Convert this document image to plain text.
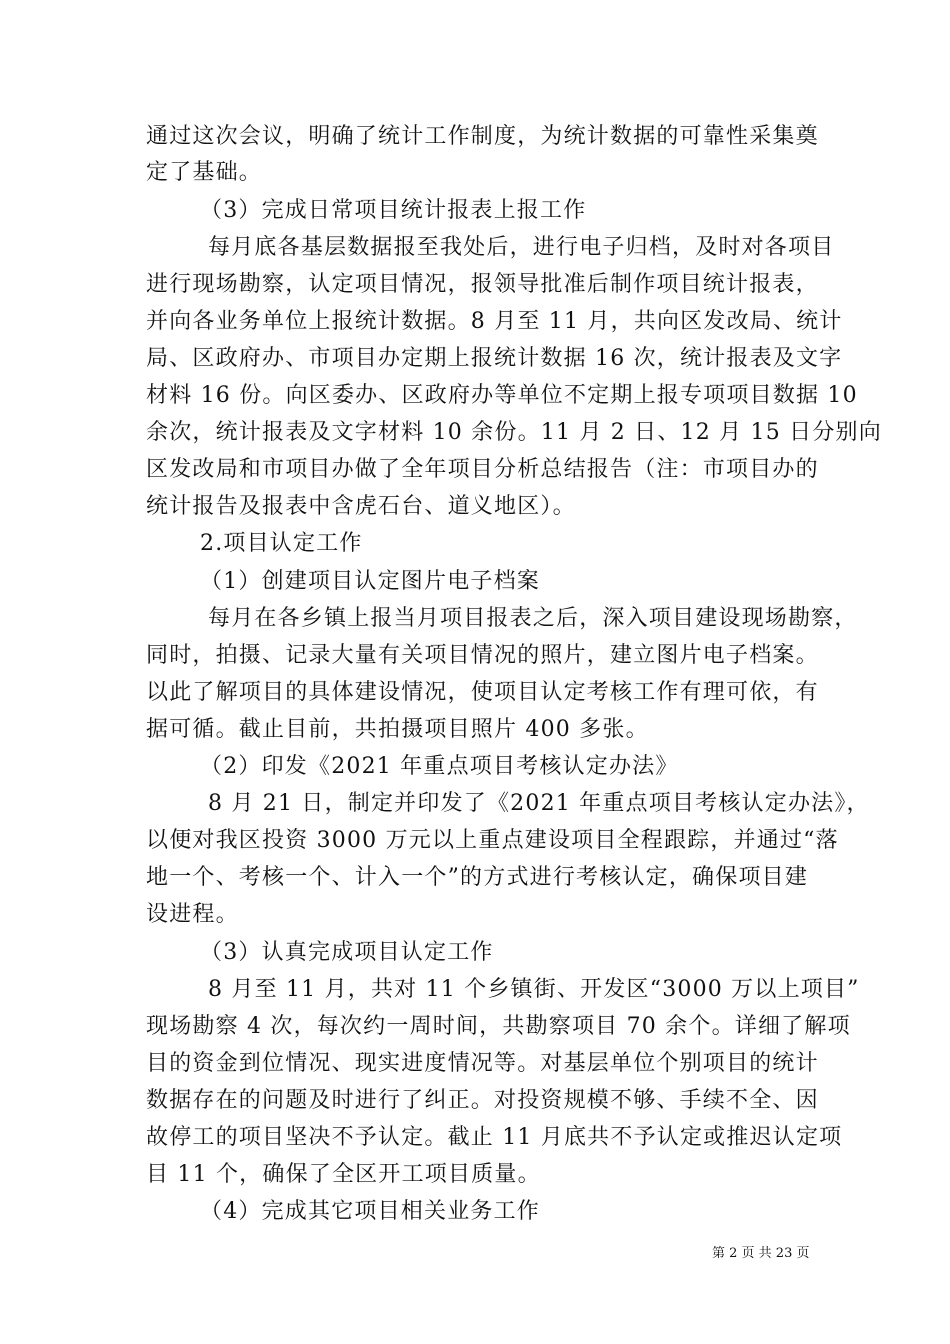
通过这次会议，明确了统计工作制度，为统计数据的可靠性采集奠
定了基础。
（3）完成日常项目统计报表上报工作
每月底各基层数据报至我处后，进行电子归档，及时对各项目
进行现场勘察，认定项目情况，报领导批准后制作项目统计报表，
并向各业务单位上报统计数据。8 月至 11 月，共向区发改局、统计
局、区政府办、市项目办定期上报统计数据 16 次，统计报表及文字
材料 16 份。向区委办、区政府办等单位不定期上报专项项目数据 10
余次，统计报表及文字材料 10 余份。11 月 2 日、12 月 15 日分别向
区发改局和市项目办做了全年项目分析总结报告（注：市项目办的
统计报告及报表中含虎石台、道义地区）。
2.项目认定工作
（1）创建项目认定图片电子档案
每月在各乡镇上报当月项目报表之后，深入项目建设现场勘察，
同时，拍摄、记录大量有关项目情况的照片，建立图片电子档案。
以此了解项目的具体建设情况，使项目认定考核工作有理可依，有
据可循。截止目前，共拍摄项目照片 400 多张。
（2）印发《2021 年重点项目考核认定办法》
8 月 21 日，制定并印发了《2021 年重点项目考核认定办法》，
以便对我区投资 3000 万元以上重点建设项目全程跟踪，并通过“落
地一个、考核一个、计入一个”的方式进行考核认定，确保项目建
设进程。
（3）认真完成项目认定工作
8 月至 11 月，共对 11 个乡镇街、开发区“3000 万以上项目”
现场勘察 4 次，每次约一周时间，共勘察项目 70 余个。详细了解项
目的资金到位情况、现实进度情况等。对基层单位个别项目的统计
数据存在的问题及时进行了纠正。对投资规模不够、手续不全、因
故停工的项目坚决不予认定。截止 11 月底共不予认定或推迟认定项
目 11 个，确保了全区开工项目质量。
（4）完成其它项目相关业务工作
第 2 页 共 23 页
